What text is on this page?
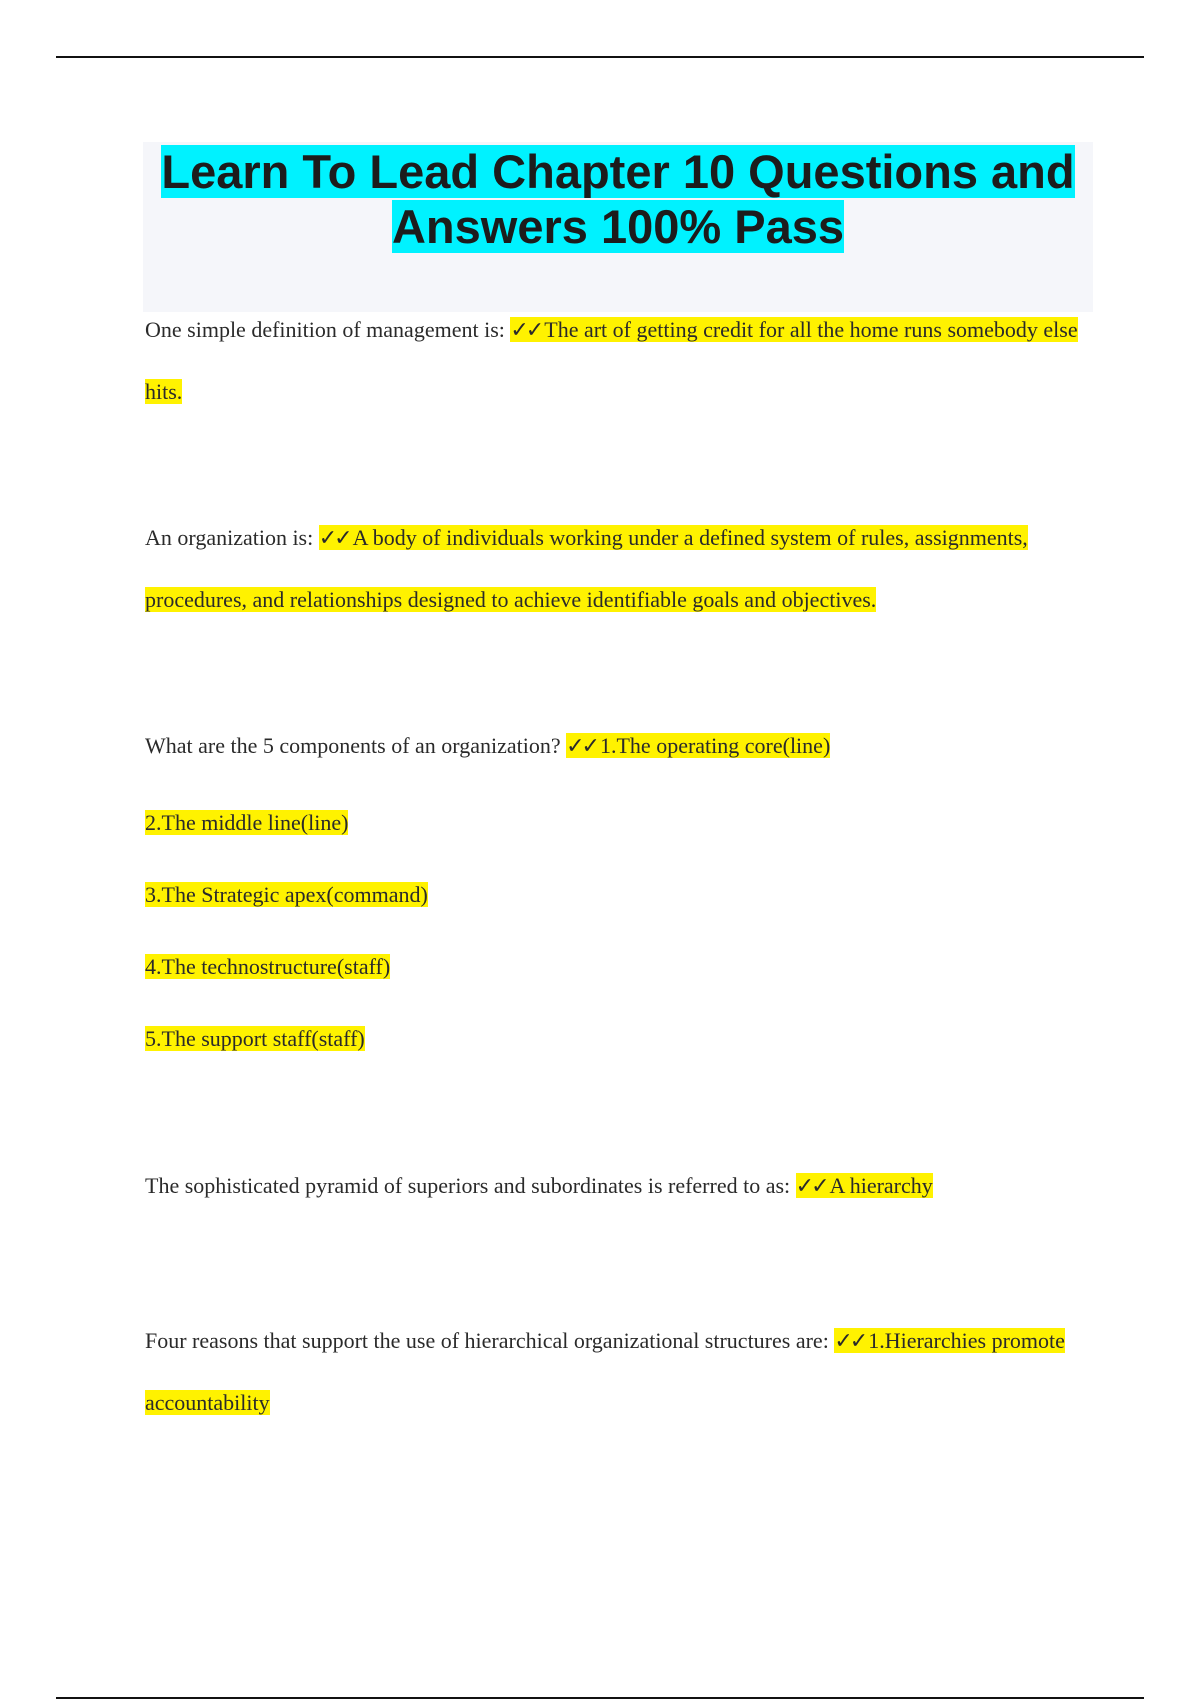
Learn To Lead Chapter 10 Questions and Answers 100% Pass

One simple definition of management is: ✓✓ The art of getting credit for all the home runs somebody else hits.

An organization is: ✓✓ A body of individuals working under a defined system of rules, assignments, procedures, and relationships designed to achieve identifiable goals and objectives.

What are the 5 components of an organization? ✓✓ 1.The operating core(line)

2.The middle line(line)

3.The Strategic apex(command)

4.The technostructure(staff)

5.The support staff(staff)

The sophisticated pyramid of superiors and subordinates is referred to as: ✓✓ A hierarchy

Four reasons that support the use of hierarchical organizational structures are: ✓✓ 1.Hierarchies promote accountability
